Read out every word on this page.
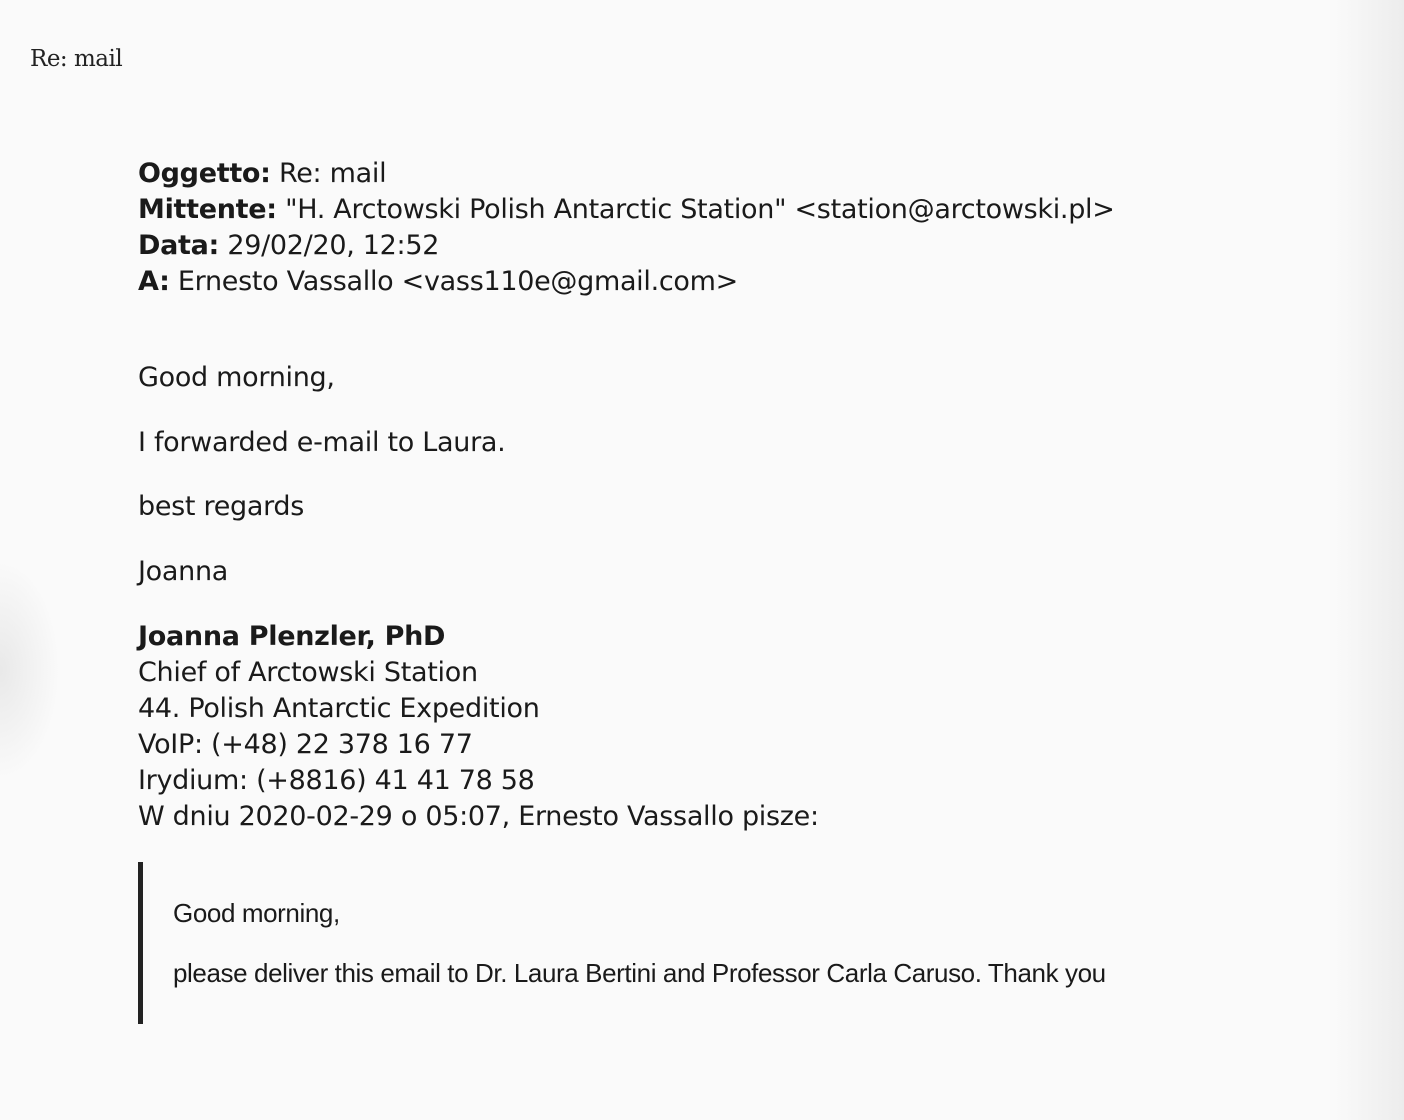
Re: mail
Oggetto: Re: mail
Mittente: "H. Arctowski Polish Antarctic Station" <station@arctowski.pl>
Data: 29/02/20, 12:52
A: Ernesto Vassallo <vass110e@gmail.com>
Good morning,
I forwarded e-mail to Laura.
best regards
Joanna
Joanna Plenzler, PhD
Chief of Arctowski Station
44. Polish Antarctic Expedition
VoIP: (+48) 22 378 16 77
Irydium: (+8816) 41 41 78 58
W dniu 2020-02-29 o 05:07, Ernesto Vassallo pisze:
Good morning,
please deliver this email to Dr. Laura Bertini and Professor Carla Caruso. Thank you
